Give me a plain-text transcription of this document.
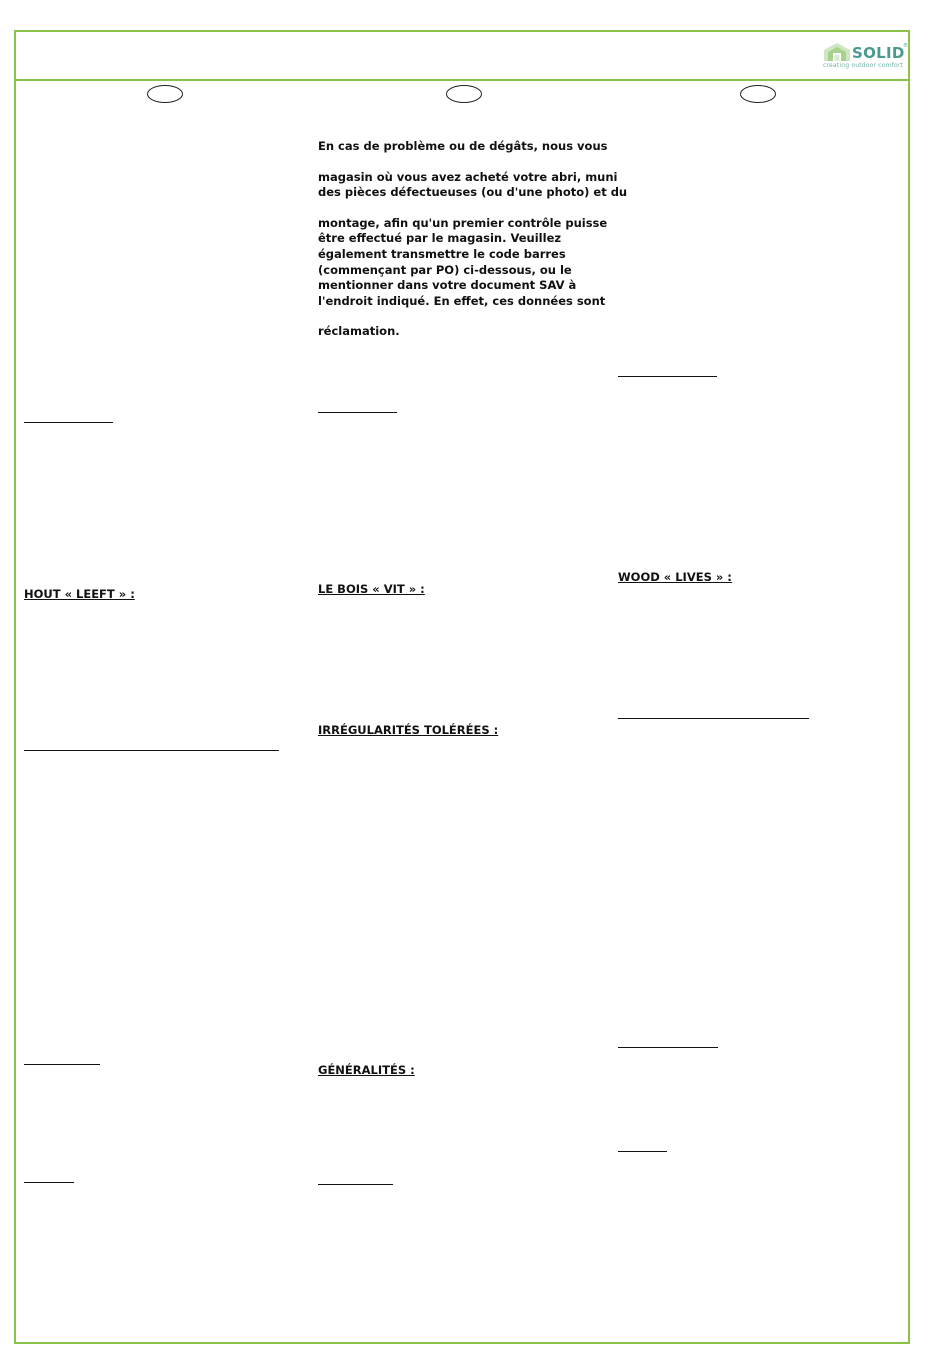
SOLID
®
creating outdoor comfort

En cas de problème ou de dégâts, nous vous

magasin où vous avez acheté votre abri, muni

des pièces défectueuses (ou d'une photo) et du

montage, afin qu'un premier contrôle puisse

être effectué par le magasin. Veuillez

également transmettre le code barres

(commençant par PO) ci-dessous, ou le

mentionner dans votre document SAV à

l'endroit indiqué. En effet, ces données sont

réclamation.

HOUT « LEEFT » :	LE BOIS « VIT » :
IRRÉGULARITÉS TOLÉRÉES :
GÉNÉRALITÉS :
WOOD « LIVES » :
